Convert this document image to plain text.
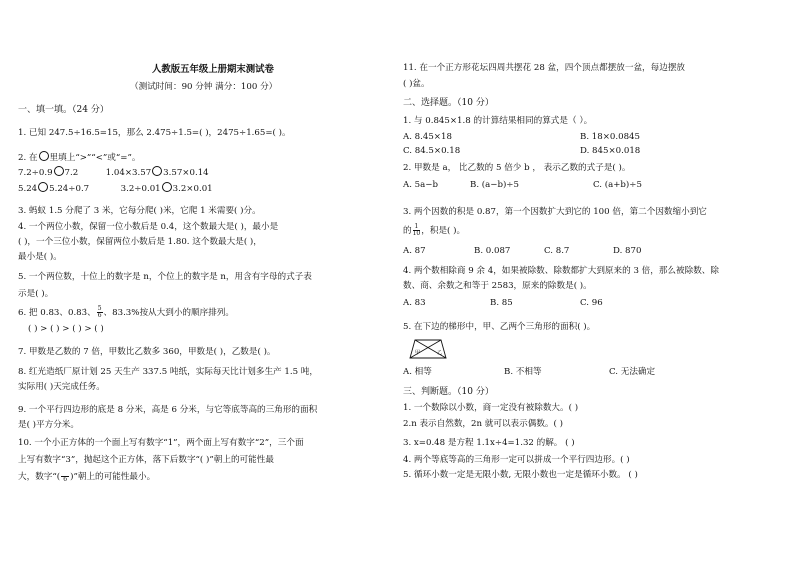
人教版五年级上册期末测试卷
（测试时间：90 分钟 满分：100 分）
一、填一填。（24 分）
1. 已知 247.5÷16.5=15，那么 2.475÷1.5=( )，2475÷1.65=( )。
2. 在 里填上“>”“<”或“=”。
7.2÷0.9 7.2	1.04×3.57 3.57×0.14
5.24 5.24÷0.7	3.2÷0.01 3.2×0.01
3. 蚂蚁 1.5 分爬了 3 米，它每分爬( )米，它爬 1 米需要( )分。
4. 一个两位小数，保留一位小数后是 0.4，这个数最大是( )，最小是
( )，一个三位小数，保留两位小数后是 1.80. 这个数最大是( )，
最小是( )。
5. 一个两位数，十位上的数字是 n，个位上的数字是 n，用含有字母的式子表
示是( )。
6. 把 0.83、0.83̇、 $\frac{5}{6}$ 、83.3%按从大到小的顺序排列。
( ) > ( ) > ( ) > ( )
7. 甲数是乙数的 7 倍，甲数比乙数多 360，甲数是( )，乙数是( )。
8. 红光造纸厂原计划 25 天生产 337.5 吨纸，实际每天比计划多生产 1.5 吨，
实际用( )天完成任务。
9. 一个平行四边形的底是 8 分米，高是 6 分米，与它等底等高的三角形的面积
是( )平方分米。
10. 一个小正方体的一个面上写有数字“1”，两个面上写有数字“2”，三个面
上写有数字“3”，抛起这个正方体，落下后数字“( )”朝上的可能性最
大，数字“(
6 )”朝上的可能性最小。
11. 在一个正方形花坛四周共摆花 28 盆，四个顶点都摆放一盆，每边摆放
( )盆。
二、选择题。（10 分）
1. 与 0.845×1.8 的计算结果相同的算式是（ ）。
A. 8.45×18	B. 18×0.0845
C. 84.5×0.18	D. 845×0.018
2. 甲数是 a， 比乙数的 5 倍少 b ， 表示乙数的式子是( )。
A. 5a−b	B. (a−b)÷5	C. (a+b)÷5
3. 两个因数的积是 0.87，第一个因数扩大到它的 100 倍，第二个因数缩小到它
的 $\frac{1}{10}$ ，积是( )。
A. 87	B. 0.087	C. 8.7	D. 870
4. 两个数相除商 9 余 4，如果被除数、除数都扩大到原来的 3 倍，那么被除数、除
数、商、余数之和等于 2583，原来的除数是( )。
A. 83	B. 85	C. 96
5. 在下边的梯形中，甲、乙两个三角形的面积( )。
甲	乙
A. 相等	B. 不相等	C. 无法确定
三、判断题。（10 分）
1. 一个数除以小数，商一定没有被除数大。( )
2.n 表示自然数，2n 就可以表示偶数。( )
3. x=0.48 是方程 1.1x÷4=1.32 的解。 ( )
4. 两个等底等高的三角形一定可以拼成一个平行四边形。( )
5. 循环小数一定是无限小数, 无限小数也一定是循环小数。 ( )
